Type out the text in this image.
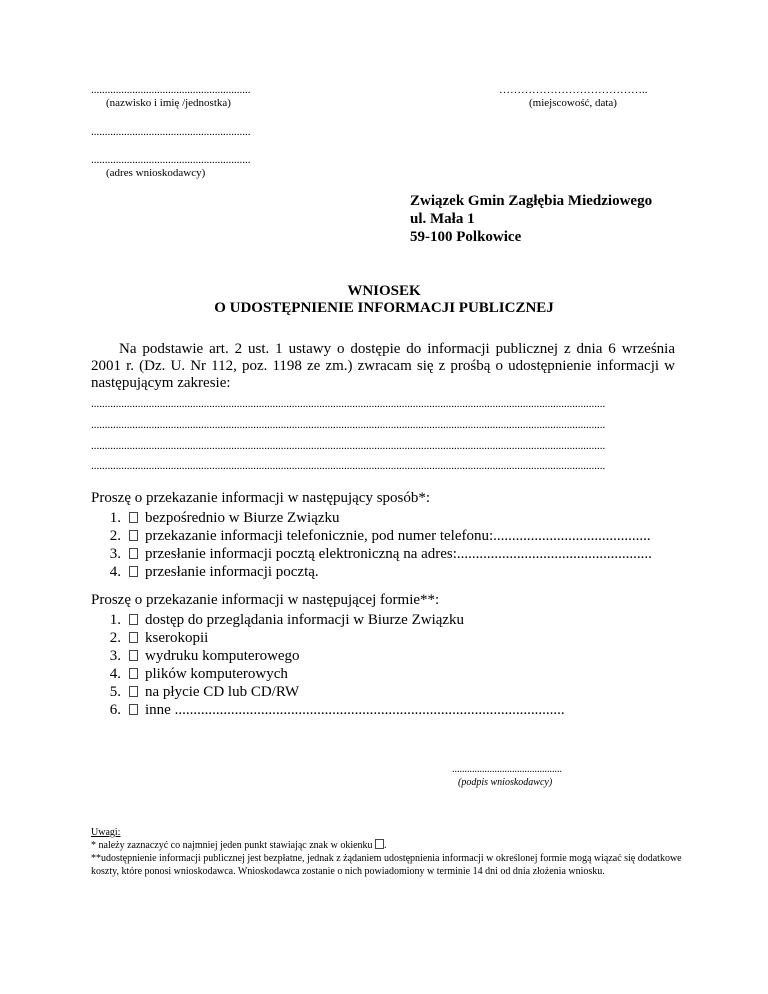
..........................................................
(nazwisko i imię /jednostka)
…………………………………..
(miejscowość, data)
..........................................................
..........................................................
(adres wnioskodawcy)
Związek Gmin Zagłębia Miedziowego
ul. Mała 1
59-100 Polkowice
WNIOSEK
O UDOSTĘPNIENIE INFORMACJI PUBLICZNEJ
Na podstawie art. 2 ust. 1 ustawy o dostępie do informacji publicznej z dnia 6 września 2001 r. (Dz. U. Nr 112, poz. 1198 ze zm.) zwracam się z prośbą o udostępnienie informacji w następującym zakresie:
...........................................................................................................................................................................................
...........................................................................................................................................................................................
...........................................................................................................................................................................................
...........................................................................................................................................................................................
Proszę o przekazanie informacji w następujący sposób*:
1. bezpośrednio w Biurze Związku
2. przekazanie informacji telefonicznie, pod numer telefonu:..........................................
3. przesłanie informacji pocztą elektroniczną na adres:....................................................
4. przesłanie informacji pocztą.
Proszę o przekazanie informacji w następującej formie**:
1. dostęp do przeglądania informacji w Biurze Związku
2. kserokopii
3. wydruku komputerowego
4. plików komputerowych
5. na płycie CD lub CD/RW
6. inne ........................................................................................................
............................................
(podpis wnioskodawcy)
Uwagi:
* należy zaznaczyć co najmniej jeden punkt stawiając znak w okienku .
**udostępnienie informacji publicznej jest bezpłatne, jednak z żądaniem udostępnienia informacji w określonej formie mogą wiązać się dodatkowe koszty, które ponosi wnioskodawca. Wnioskodawca zostanie o nich powiadomiony w terminie 14 dni od dnia złożenia wniosku.
